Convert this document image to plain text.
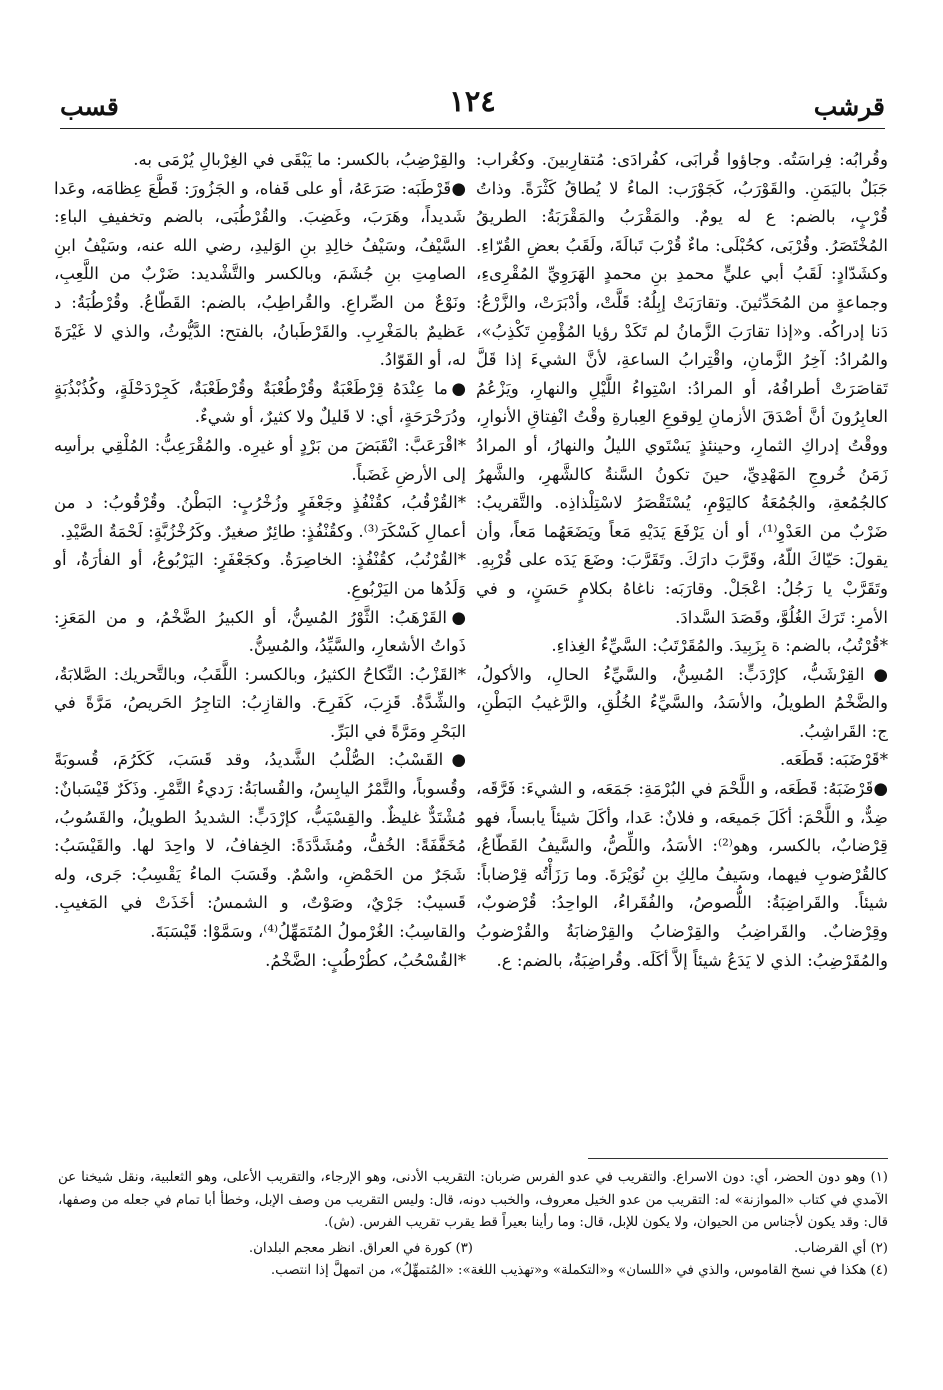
قرشب
١٢٤
قسب

وقُرابُه: فِراسَتُه. وجاؤوا قُرابَى، كفُرادَى: مُتقارِبينَ. وكغُراب: جَبَلٌ باليَمَنِ. والقَوْرَبُ، كَجَوْرَب: الماءُ لا يُطاقُ كَثْرَةً. وذاتُ قُرْبٍ، بالضم: ع له يومٌ. والمَقْرَبُ والمَقْرَبَةُ: الطريقُ المُخْتَصَرُ. وقُرْبَى، كحُبْلَى: ماءٌ قُرْبَ تَبالَةَ، ولَقَبُ بعضِ القُرّاءِ. وكشَدّادٍ: لَقَبُ أبي عليٍّ محمدِ بنِ محمدٍ الهَرَوِيِّ المُقْرِىءِ، وجماعةٍ من المُحَدِّثينَ. وتقارَبَتْ إبِلُهُ: قَلَّتْ، وأدْبَرَتْ، والزَّرْعُ: دَنا إدراكُه. و«إذا تقارَبَ الزَّمانُ لم تَكَدْ رؤيا المُؤْمِنِ تَكْذِبُ»، والمُرادُ: آخِرُ الزَّمانِ، واقْتِرابُ الساعةِ، لأنَّ الشيءَ إذا قَلَّ تَقاصَرَتْ أطرافُهُ، أو المرادُ: اسْتِواءُ اللَّيْلِ والنهارِ، ويَزْعُمُ العابِرُونَ أنَّ أصْدَقَ الأزمانِ لِوقوعِ العِبارةِ وقْتُ انْفِتاقِ الأنوارِ، ووقْتُ إدراكِ الثمارِ، وحينئذٍ يَسْتَوي الليلُ والنهارُ، أو المرادُ زَمَنُ خُروجِ المَهْدِيِّ، حينَ تكونُ السَّنةُ كالشَّهرِ، والشَّهرُ كالجُمُعةِ، والجُمُعَةُ كاليَوْمِ، يُسْتَقْصَرُ لاسْتِلْذاذِه. والتَّقريبُ: ضَرْبٌ من العَدْوِ⁽¹⁾، أو أن يَرْفَعَ يَدَيْهِ مَعاً ويَضَعَهُما مَعاً، وأن يقولَ: حَيّاكَ اللّهُ، وقَرَّبَ دارَكَ. وتَقَرَّبَ: وضَعَ يَدَه على قُرْبِهِ. وتَقَرَّبْ يا رَجُلُ: اعْجَلْ. وقارَبَه: ناغاهُ بكلامٍ حَسَنٍ، و في الأمرِ: تَرَكَ الغُلُوَّ، وقَصَدَ السَّدادَ.

*قُرْتُبُ، بالضم: ة بِزَبِيدَ. والمُقَرْتَبُ: السَّيِّءُ الغِذاءِ.

●القِرْشَبُّ، كإرْدَبٍّ: المُسِنُّ، والسَّيِّءُ الحالِ، والأكولُ، والضَّخْمُ الطويلُ، والأسَدُ، والسَّيِّءُ الخُلُقِ، والرَّغيبُ البَطْنِ، ج: القَراشِبُ.

*قَرْضَبَه: قَطَعَه.

●قَرْضَبَهُ: قَطَعَه، و اللَّحْمَ في البُرْمَةِ: جَمَعَه، و الشيءَ: فَرَّقَه، ضِدٌّ، و اللَّحْمَ: أكَلَ جَميعَه، و فلانٌ: عَدا، وأكَلَ شيئاً يابساً، فهو قِرْضابٌ، بالكسر، وهو⁽²⁾: الأسَدُ، واللِّصُّ، والسَّيفُ القَطّاعُ، كالقُرْضوبِ فيهما، وسَيفُ مالِكِ بنِ نُوَيْرَةَ. وما رَزَأْتُه قِرْضاباً: شيئاً. والقَراضِبَةُ: اللُّصوصُ، والفُقَراءُ، الواحِدُ: قُرْضوبٌ، وقِرْضابٌ. والقَراضِبُ والقِرْضابُ والقِرْضابَةُ والقُرْضوبُ والمُقَرْضِبُ: الذي لا يَدَعُ شيئاً إلاَّ أكَلَه. وقُراضِبَةُ، بالضم: ع.

والقِرْضِبُ، بالكسر: ما يَبْقَى في الغِرْبالِ يُرْمَى به.

●قَرْطَبَه: صَرَعَهُ، أو على قَفاه، و الجَزُورَ: قَطَّعَ عِظامَه، وعَدا شَديداً، وهَرَبَ، وغَضِبَ. والقُرْطُبَى، بالضم وتخفيفِ الباءِ: السَّيْفُ، وسَيْفُ خالِدِ بنِ الوَليدِ، رضي الله عنه، وسَيْفُ ابنِ الصامِتِ بنِ جُشَمَ، وبالكسر والتَّشْديد: ضَرْبٌ من اللَّعِبِ، ونَوْعٌ من الصِّراعِ. والقُراطِبُ، بالضم: القَطّاعُ. وقُرْطُبَةُ: د عَظيمٌ بالمَغْرِبِ. والقَرْطَبانُ، بالفتح: الدَّيُّوثُ، والذي لا غَيْرَةَ له، أو القَوّادُ.

●ما عِنْدَهُ قِرْطَعْبَةٌ وقُرْطُعْبَةٌ وقُرْطَعْبَةٌ، كَجِرْدَحْلَةٍ، وكُذُبْذُبَةٍ ودُرَحْرَحَةٍ، أي: لا قَليلٌ ولا كثيرٌ، أو شيءٌ.

*اقْرَعَبَّ: انْقَبَضَ من بَرْدٍ أو غيرِه. والمُقْرَعِبُّ: المُلْقِي برأسِه إلى الأرضِ غَضَباً.

*القُرْقُبُ، كقُنْفُذٍ وجَعْفَرٍ وزُخْرُبٍ: البَطْنُ. وقُرْقُوبُ: د من أعمالِ كَسْكَرَ⁽³⁾. وكقُنْفُذٍ: طائِرٌ صغيرٌ. وكَرُخْزُبَّةٍ: لَحْمَةُ الصَّيْدِ.

*القُرْنُبُ، كقُنْفُذٍ: الخاصِرَةُ. وكجَعْفَرٍ: اليَرْبُوعُ، أو الفأرَةُ، أو وَلَدُها من اليَرْبُوعِ.

●القَرْهَبُ: الثَّوْرُ المُسِنُّ، أو الكبيرُ الضَّخْمُ، و من المَعَزِ: ذَواتُ الأشعارِ، والسَّيِّدُ، والمُسِنُّ.

*القَزْبُ: النِّكاحُ الكثيرُ، وبالكسر: اللَّقَبُ، وبالتَّحريك: الصَّلابَةُ، والشِّدَّةُ. قَزِبَ، كَفَرِحَ. والقازِبُ: التاجِرُ الحَريصُ، مَرَّةً في البَحْرِ ومَرَّةً في البَرِّ.

●القَسْبُ: الصُّلْبُ الشَّديدُ، وقد قَسَبَ، كَكَرُمَ، قُسوبَةً وقُسوباً، والتَّمْرُ اليابِسُ، والقُسابَةُ: رَديءُ التَّمْرِ. وذَكَرٌ قَيْسَبانٌ: مُشْتَدٌّ غليظٌ. والقِسْيَبُّ، كإرْدَبٍّ: الشديدُ الطويلُ، والقَسُوبُ، مُخَفَّفَةً: الخُفُّ، ومُشَدَّدَةً: الخِفافُ، لا واحِدَ لها. والقَيْسَبُ: شَجَرٌ من الحَمْضِ، واسْمٌ. وقَسَبَ الماءُ يَقْسِبُ: جَرى، وله قَسيبٌ: جَرْيٌ، وصَوْتٌ، و الشمسُ: أخَذَتْ في المَغيبِ. والقاسِبُ: الغُرْمولُ المُتَمَهِّلُ⁽⁴⁾، وسَمَّوْا: قَيْسَبَةَ.

*القُسْحُبُ، كطُرْطُبٍ: الضَّخْمُ.

(١) وهو دون الحضر، أي: دون الاسراع. والتقريب في عدو الفرس ضربان: التقريب الأدنى، وهو الإرجاء، والتقريب الأعلى، وهو الثعلبية، ونقل شيخنا عن الآمدي في كتاب «الموازنة» له: التقريب من عدو الخيل معروف، والخبب دونه، قال: وليس التقريب من وصف الإبل، وخطأ أبا تمام في جعله من وصفها، قال: وقد يكون لأجناس من الحيوان، ولا يكون للإبل، قال: وما رأينا بعيراً قط يقرب تقريب الفرس. (ش).

(٢) أي القرضاب.
(٣) كورة في العراق. انظر معجم البلدان.

(٤) هكذا في نسخ القاموس، والذي في «اللسان» و«التكملة» و«تهذيب اللغة»: «المُتمهِّلُ»، من اتمهلَّ إذا انتصب.
